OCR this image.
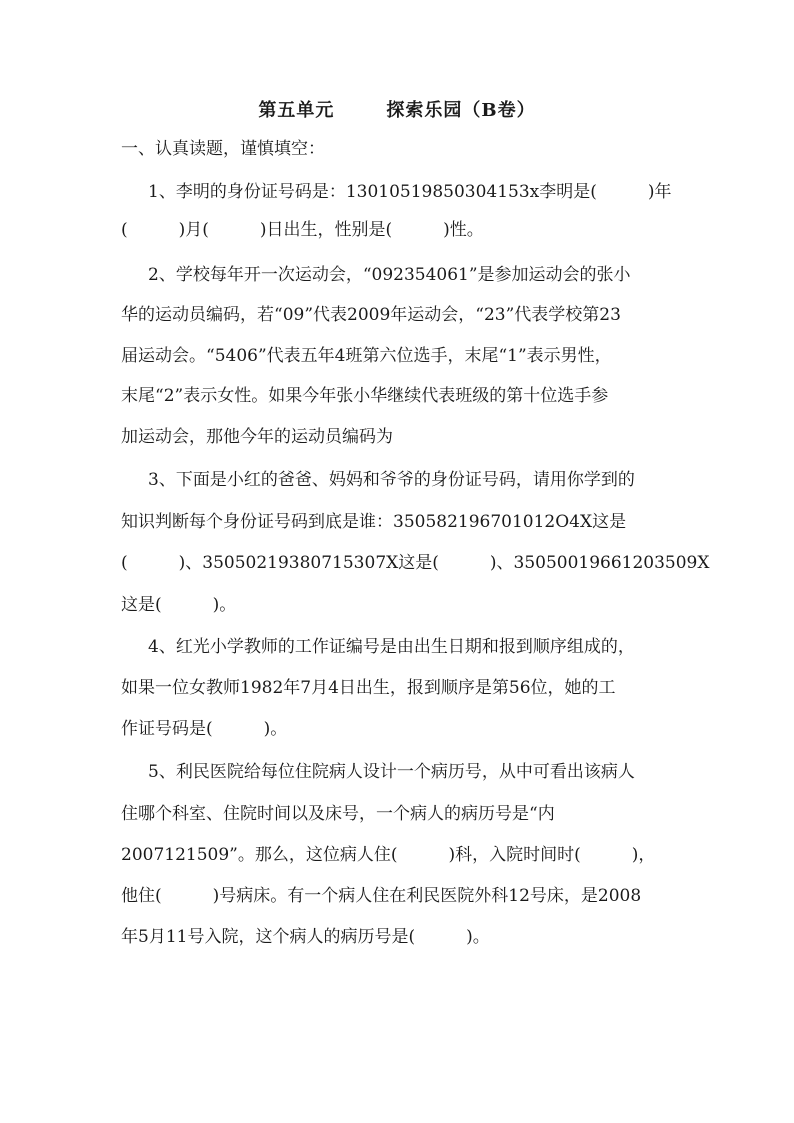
第五单元	探索乐园（B卷）
一、认真读题，谨慎填空：
1、李明的身份证号码是：13010519850304153x李明是(　　　)年
(　　　)月(　　　)日出生，性别是(　　　)性。
2、学校每年开一次运动会，“092354061”是参加运动会的张小
华的运动员编码，若“09”代表2009年运动会，“23”代表学校第23
届运动会。“5406”代表五年4班第六位选手，末尾“1”表示男性，
末尾“2”表示女性。如果今年张小华继续代表班级的第十位选手参
加运动会，那他今年的运动员编码为
3、下面是小红的爸爸、妈妈和爷爷的身份证号码，请用你学到的
知识判断每个身份证号码到底是谁：350582196701012O4X这是
(　　　)、35050219380715307X这是(　　　)、35050019661203509X
这是(　　　)。
4、红光小学教师的工作证编号是由出生日期和报到顺序组成的，
如果一位女教师1982年7月4日出生，报到顺序是第56位，她的工
作证号码是(　　　)。
5、利民医院给每位住院病人设计一个病历号，从中可看出该病人
住哪个科室、住院时间以及床号，一个病人的病历号是“内
2007121509”。那么，这位病人住(　　　)科，入院时间时(　　　)，
他住(　　　)号病床。有一个病人住在利民医院外科12号床，是2008
年5月11号入院，这个病人的病历号是(　　　)。
